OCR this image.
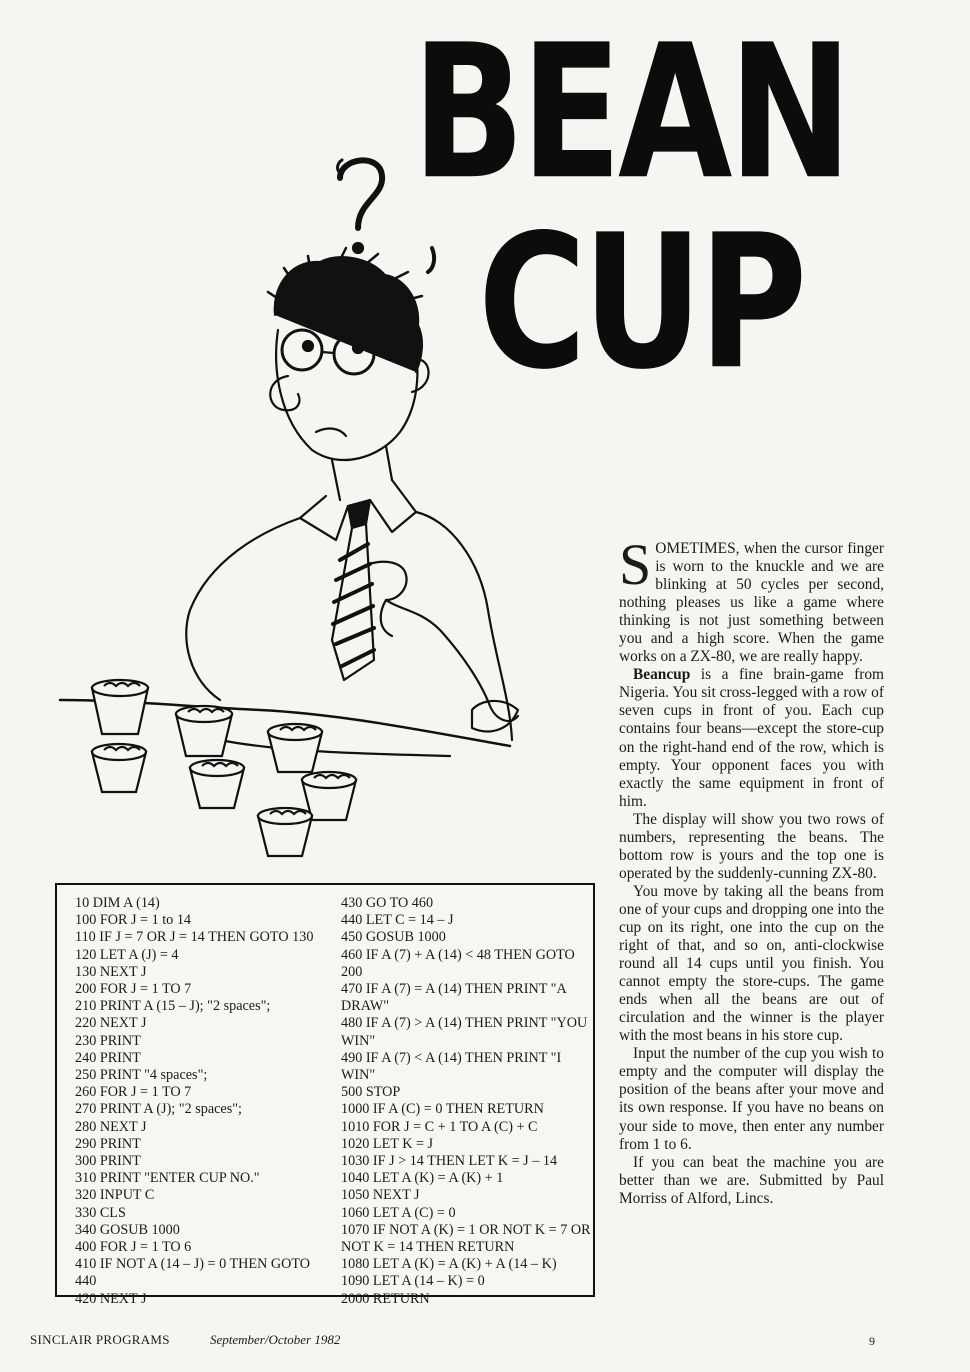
BEAN
CUP

SOMETIMES, when the cursor finger is worn to the knuckle and we are blinking at 50 cycles per second, nothing pleases us like a game where thinking is not just something between you and a high score. When the game works on a ZX-80, we are really happy.

Beancup is a fine brain-game from Nigeria. You sit cross-legged with a row of seven cups in front of you. Each cup contains four beans—except the store-cup on the right-hand end of the row, which is empty. Your opponent faces you with exactly the same equipment in front of him.

The display will show you two rows of numbers, representing the beans. The bottom row is yours and the top one is operated by the suddenly-cunning ZX-80.

You move by taking all the beans from one of your cups and dropping one into the cup on its right, one into the cup on the right of that, and so on, anti-clockwise round all 14 cups until you finish. You cannot empty the store-cups. The game ends when all the beans are out of circulation and the winner is the player with the most beans in his store cup.

Input the number of the cup you wish to empty and the computer will display the position of the beans after your move and its own response. If you have no beans on your side to move, then enter any number from 1 to 6.

If you can beat the machine you are better than we are. Submitted by Paul Morriss of Alford, Lincs.

10 DIM A (14)
100 FOR J = 1 to 14
110 IF J = 7 OR J = 14 THEN GOTO 130
120 LET A (J) = 4
130 NEXT J
200 FOR J = 1 TO 7
210 PRINT A (15 – J); "2 spaces";
220 NEXT J
230 PRINT
240 PRINT
250 PRINT "4 spaces";
260 FOR J = 1 TO 7
270 PRINT A (J); "2 spaces";
280 NEXT J
290 PRINT
300 PRINT
310 PRINT "ENTER CUP NO."
320 INPUT C
330 CLS
340 GOSUB 1000
400 FOR J = 1 TO 6
410 IF NOT A (14 – J) = 0 THEN GOTO 440
420 NEXT J
430 GO TO 460
440 LET C = 14 – J
450 GOSUB 1000
460 IF A (7) + A (14) < 48 THEN GOTO 200
470 IF A (7) = A (14) THEN PRINT "A DRAW"
480 IF A (7) > A (14) THEN PRINT "YOU WIN"
490 IF A (7) < A (14) THEN PRINT "I WIN"
500 STOP
1000 IF A (C) = 0 THEN RETURN
1010 FOR J = C + 1 TO A (C) + C
1020 LET K = J
1030 IF J > 14 THEN LET K = J – 14
1040 LET A (K) = A (K) + 1
1050 NEXT J
1060 LET A (C) = 0
1070 IF NOT A (K) = 1 OR NOT K = 7 OR NOT K = 14 THEN RETURN
1080 LET A (K) = A (K) + A (14 – K)
1090 LET A (14 – K) = 0
2000 RETURN
SINCLAIR PROGRAMS	September/October 1982	9
